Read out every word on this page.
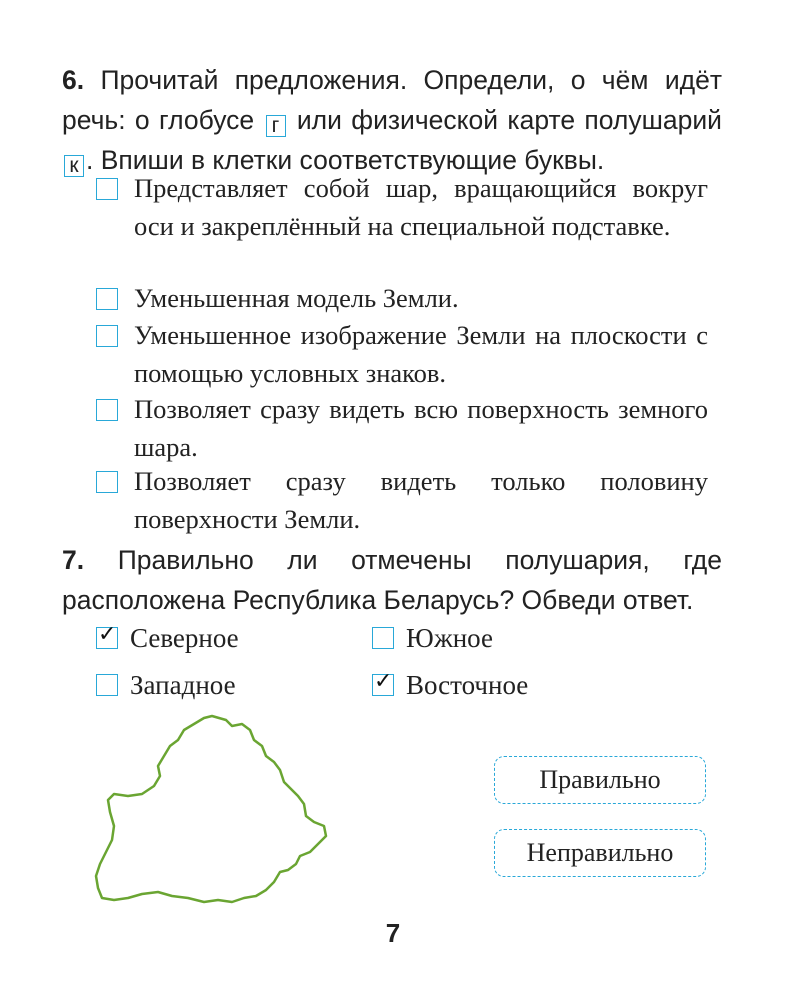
6. Прочитай предложения. Определи, о чём идёт речь: о глобусе г или физической карте полушарий к . Впиши в клетки соответствующие буквы.
Представляет собой шар, вращающийся вокруг оси и закреплённый на специальной подставке.
Уменьшенная модель Земли.
Уменьшенное изображение Земли на плоскости с помощью условных знаков.
Позволяет сразу видеть всю поверхность земного шара.
Позволяет сразу видеть только половину поверхности Земли.
7. Правильно ли отмечены полушария, где расположена Республика Беларусь? Обведи ответ.
✓ Северное	Южное
Западное	✓ Восточное
Правильно
Неправильно
7
